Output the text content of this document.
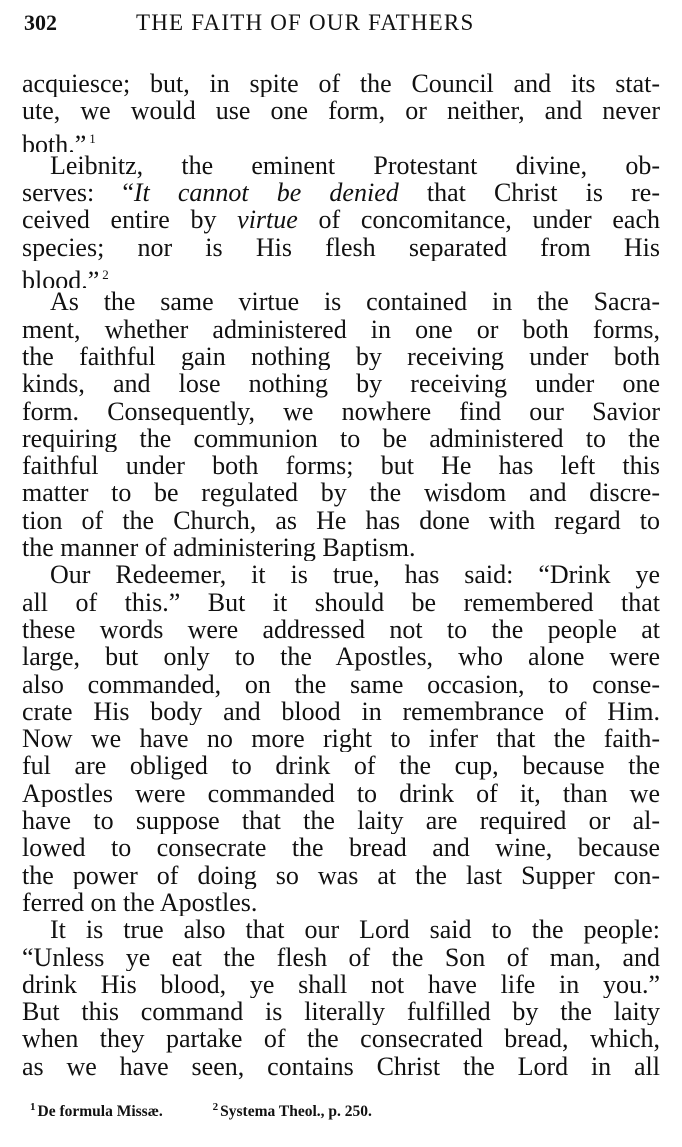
302	THE FAITH OF OUR FATHERS
acquiesce; but, in spite of the Council and its stat-
ute, we would use one form, or neither, and never
both.” $^1$
Leibnitz, the eminent Protestant divine, ob-
serves: “It cannot be denied that Christ is re-
ceived entire by virtue of concomitance, under each
species; nor is His flesh separated from His
blood.” $^2$
As the same virtue is contained in the Sacra-
ment, whether administered in one or both forms,
the faithful gain nothing by receiving under both
kinds, and lose nothing by receiving under one
form. Consequently, we nowhere find our Savior
requiring the communion to be administered to the
faithful under both forms; but He has left this
matter to be regulated by the wisdom and discre-
tion of the Church, as He has done with regard to
the manner of administering Baptism.
Our Redeemer, it is true, has said: “Drink ye
all of this.” But it should be remembered that
these words were addressed not to the people at
large, but only to the Apostles, who alone were
also commanded, on the same occasion, to conse-
crate His body and blood in remembrance of Him.
Now we have no more right to infer that the faith-
ful are obliged to drink of the cup, because the
Apostles were commanded to drink of it, than we
have to suppose that the laity are required or al-
lowed to consecrate the bread and wine, because
the power of doing so was at the last Supper con-
ferred on the Apostles.
It is true also that our Lord said to the people:
“Unless ye eat the flesh of the Son of man, and
drink His blood, ye shall not have life in you.”
But this command is literally fulfilled by the laity
when they partake of the consecrated bread, which,
as we have seen, contains Christ the Lord in all
$^1$ De formula Missæ.	$^2$ Systema Theol., p. 250.
